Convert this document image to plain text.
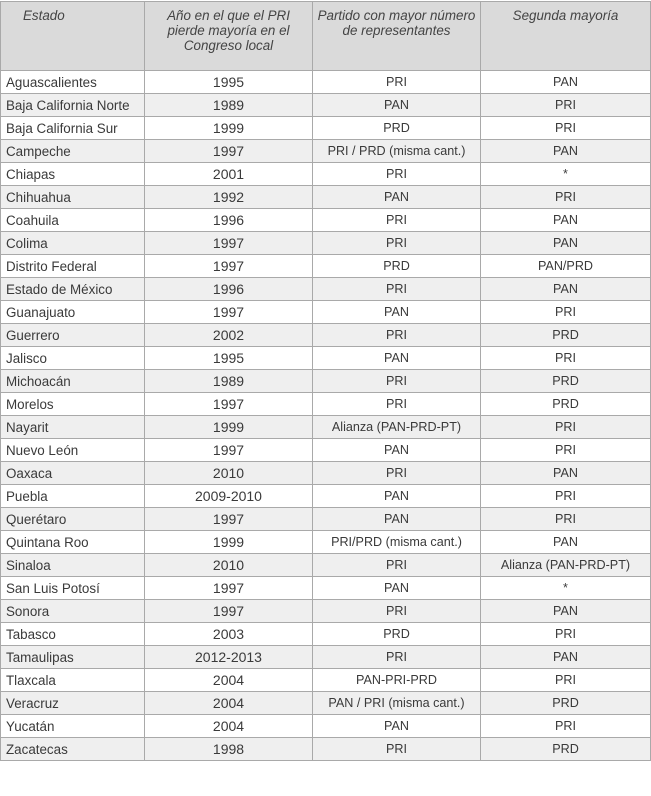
Estado	Año en el que el PRI pierde mayoría en el Congreso local	Partido con mayor número de representantes	Segunda mayoría
Aguascalientes	1995	PRI	PAN
Baja California Norte	1989	PAN	PRI
Baja California Sur	1999	PRD	PRI
Campeche	1997	PRI / PRD (misma cant.)	PAN
Chiapas	2001	PRI	*
Chihuahua	1992	PAN	PRI
Coahuila	1996	PRI	PAN
Colima	1997	PRI	PAN
Distrito Federal	1997	PRD	PAN/PRD
Estado de México	1996	PRI	PAN
Guanajuato	1997	PAN	PRI
Guerrero	2002	PRI	PRD
Jalisco	1995	PAN	PRI
Michoacán	1989	PRI	PRD
Morelos	1997	PRI	PRD
Nayarit	1999	Alianza (PAN-PRD-PT)	PRI
Nuevo León	1997	PAN	PRI
Oaxaca	2010	PRI	PAN
Puebla	2009-2010	PAN	PRI
Querétaro	1997	PAN	PRI
Quintana Roo	1999	PRI/PRD (misma cant.)	PAN
Sinaloa	2010	PRI	Alianza (PAN-PRD-PT)
San Luis Potosí	1997	PAN	*
Sonora	1997	PRI	PAN
Tabasco	2003	PRD	PRI
Tamaulipas	2012-2013	PRI	PAN
Tlaxcala	2004	PAN-PRI-PRD	PRI
Veracruz	2004	PAN / PRI (misma cant.)	PRD
Yucatán	2004	PAN	PRI
Zacatecas	1998	PRI	PRD
